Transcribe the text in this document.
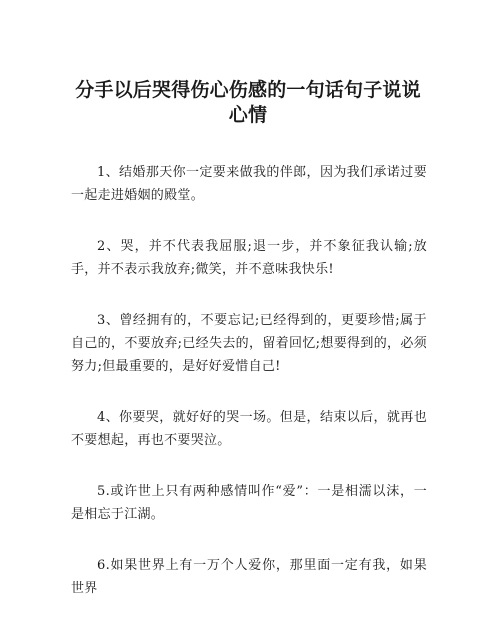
分手以后哭得伤心伤感的一句话句子说说心情

1、结婚那天你一定要来做我的伴郎，因为我们承诺过要一起走进婚姻的殿堂。

2、哭，并不代表我屈服;退一步，并不象征我认输;放手，并不表示我放弃;微笑，并不意味我快乐!

3、曾经拥有的，不要忘记;已经得到的，更要珍惜;属于自己的，不要放弃;已经失去的，留着回忆;想要得到的，必须努力;但最重要的，是好好爱惜自己!

4、你要哭，就好好的哭一场。但是，结束以后，就再也不要想起，再也不要哭泣。

5.或许世上只有两种感情叫作“爱”：一是相濡以沫，一是相忘于江湖。

6.如果世界上有一万个人爱你，那里面一定有我，如果世界
